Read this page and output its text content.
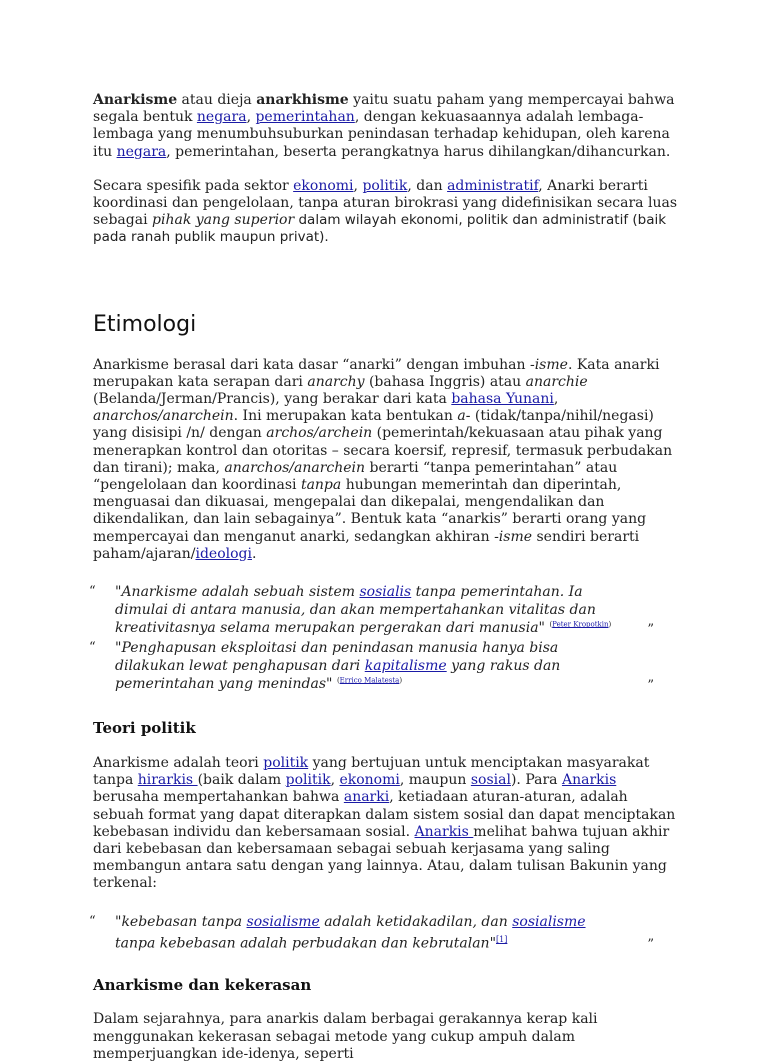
Anarkisme atau dieja anarkhisme yaitu suatu paham yang mempercayai bahwa segala bentuk negara, pemerintahan, dengan kekuasaannya adalah lembaga-lembaga yang menumbuhsuburkan penindasan terhadap kehidupan, oleh karena itu negara, pemerintahan, beserta perangkatnya harus dihilangkan/dihancurkan.

Secara spesifik pada sektor ekonomi, politik, dan administratif, Anarki berarti koordinasi dan pengelolaan, tanpa aturan birokrasi yang didefinisikan secara luas sebagai pihak yang superior dalam wilayah ekonomi, politik dan administratif (baik pada ranah publik maupun privat).

Etimologi

Anarkisme berasal dari kata dasar “anarki” dengan imbuhan -isme. Kata anarki merupakan kata serapan dari anarchy (bahasa Inggris) atau anarchie (Belanda/Jerman/Prancis), yang berakar dari kata bahasa Yunani, anarchos/anarchein. Ini merupakan kata bentukan a- (tidak/tanpa/nihil/negasi) yang disisipi /n/ dengan archos/archein (pemerintah/kekuasaan atau pihak yang menerapkan kontrol dan otoritas – secara koersif, represif, termasuk perbudakan dan tirani); maka, anarchos/anarchein berarti “tanpa pemerintahan” atau “pengelolaan dan koordinasi tanpa hubungan memerintah dan diperintah, menguasai dan dikuasai, mengepalai dan dikepalai, mengendalikan dan dikendalikan, dan lain sebagainya”. Bentuk kata “anarkis” berarti orang yang mempercayai dan menganut anarki, sedangkan akhiran -isme sendiri berarti paham/ajaran/ideologi.

“ "Anarkisme adalah sebuah sistem sosialis tanpa pemerintahan. Ia dimulai di antara manusia, dan akan mempertahankan vitalitas dan kreativitasnya selama merupakan pergerakan dari manusia" $^{(Peter Kropotkin)}$	”
“ "Penghapusan eksploitasi dan penindasan manusia hanya bisa dilakukan lewat penghapusan dari kapitalisme yang rakus dan pemerintahan yang menindas" $^{(Errico Malatesta)}$	”
Teori politik

Anarkisme adalah teori politik yang bertujuan untuk menciptakan masyarakat tanpa hirarkis (baik dalam politik, ekonomi, maupun sosial). Para Anarkis berusaha mempertahankan bahwa anarki, ketiadaan aturan-aturan, adalah sebuah format yang dapat diterapkan dalam sistem sosial dan dapat menciptakan kebebasan individu dan kebersamaan sosial. Anarkis melihat bahwa tujuan akhir dari kebebasan dan kebersamaan sebagai sebuah kerjasama yang saling membangun antara satu dengan yang lainnya. Atau, dalam tulisan Bakunin yang terkenal:

“ "kebebasan tanpa sosialisme adalah ketidakadilan, dan sosialisme tanpa kebebasan adalah perbudakan dan kebrutalan"[1]	”
Anarkisme dan kekerasan

Dalam sejarahnya, para anarkis dalam berbagai gerakannya kerap kali menggunakan kekerasan sebagai metode yang cukup ampuh dalam memperjuangkan ide-idenya, seperti
